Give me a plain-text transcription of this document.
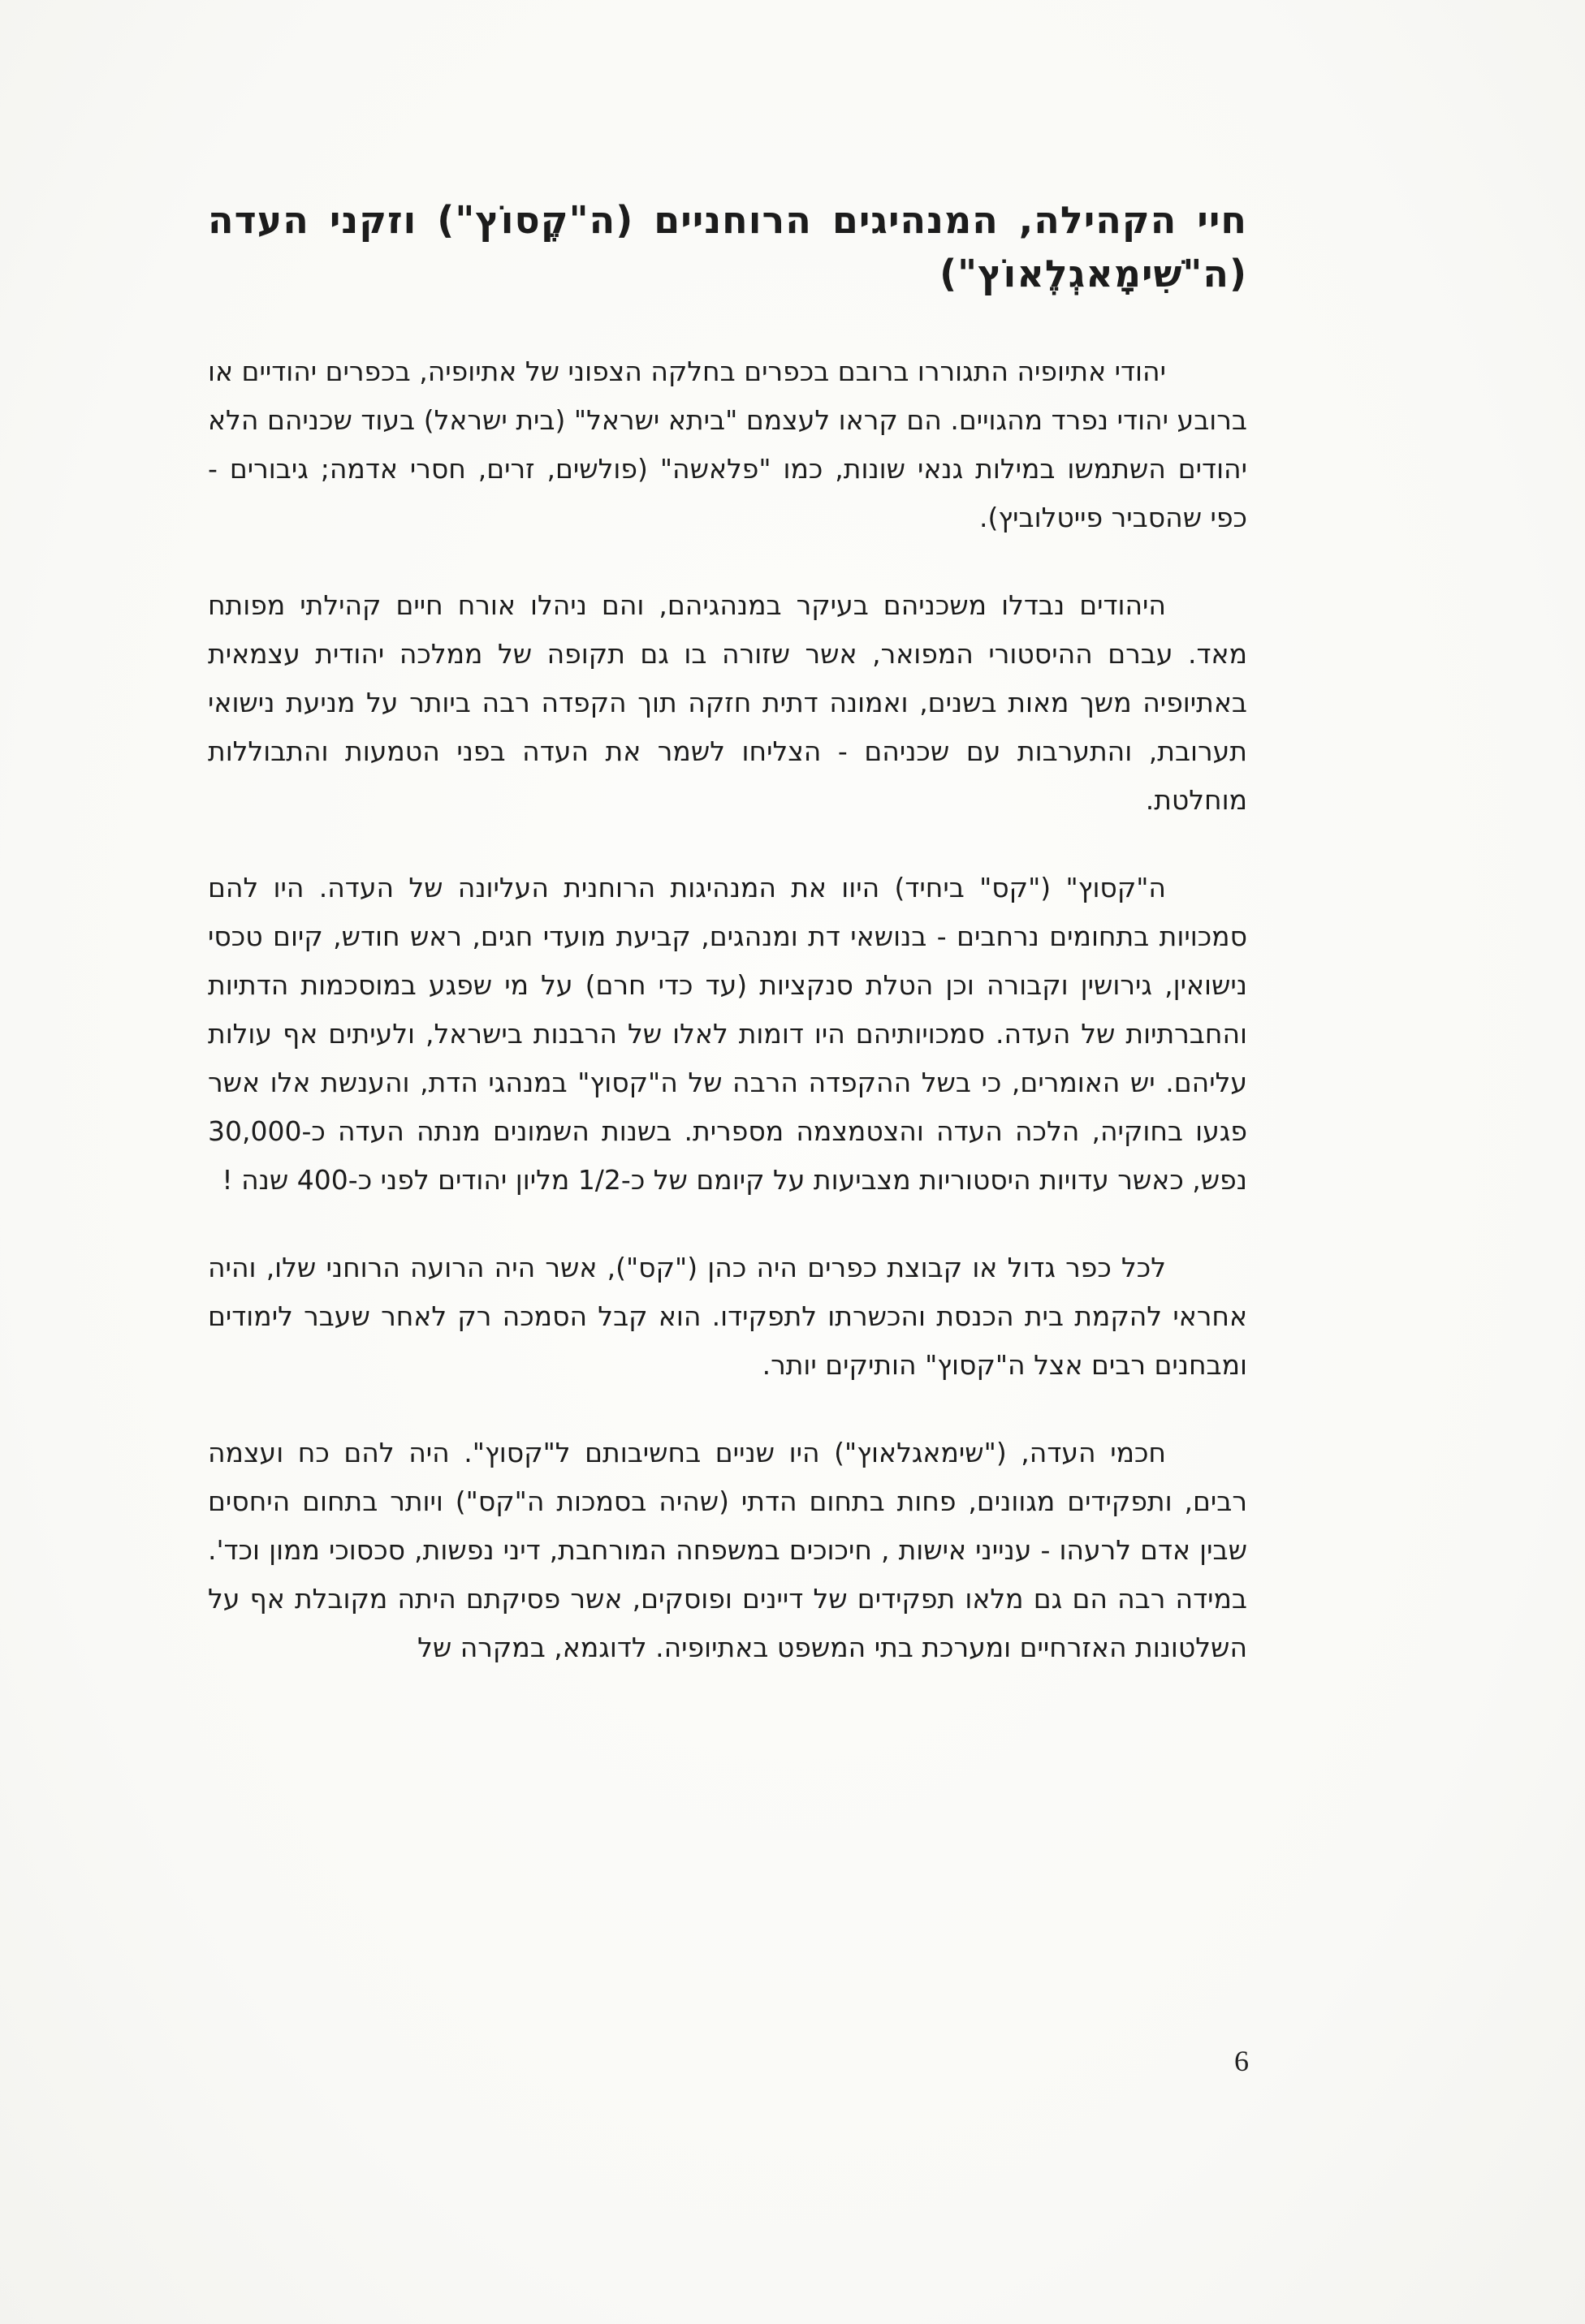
חיי הקהילה, המנהיגים הרוחניים (ה"קֶסוֹץ") וזקני העדה (ה"שִׁימָאגְלֶאוֹץ")

יהודי אתיופיה התגוררו ברובם בכפרים בחלקה הצפוני של אתיופיה, בכפרים יהודיים או ברובע יהודי נפרד מהגויים. הם קראו לעצמם "ביתא ישראל" (בית ישראל) בעוד שכניהם הלא יהודים השתמשו במילות גנאי שונות, כמו "פלאשה" (פולשים, זרים, חסרי אדמה; גיבורים - כפי שהסביר פייטלוביץ).

היהודים נבדלו משכניהם בעיקר במנהגיהם, והם ניהלו אורח חיים קהילתי מפותח מאד. עברם ההיסטורי המפואר, אשר שזורה בו גם תקופה של ממלכה יהודית עצמאית באתיופיה משך מאות בשנים, ואמונה דתית חזקה תוך הקפדה רבה ביותר על מניעת נישואי תערובת, והתערבות עם שכניהם - הצליחו לשמר את העדה בפני הטמעות והתבוללות מוחלטת.

ה"קסוץ" ("קס" ביחיד) היוו את המנהיגות הרוחנית העליונה של העדה. היו להם סמכויות בתחומים נרחבים - בנושאי דת ומנהגים, קביעת מועדי חגים, ראש חודש, קיום טכסי נישואין, גירושין וקבורה וכן הטלת סנקציות (עד כדי חרם) על מי שפגע במוסכמות הדתיות והחברתיות של העדה. סמכויותיהם היו דומות לאלו של הרבנות בישראל, ולעיתים אף עולות עליהם. יש האומרים, כי בשל ההקפדה הרבה של ה"קסוץ" במנהגי הדת, והענשת אלו אשר פגעו בחוקיה, הלכה העדה והצטמצמה מספרית. בשנות השמונים מנתה העדה כ-30,000 נפש, כאשר עדויות היסטוריות מצביעות על קיומם של כ-1/2 מליון יהודים לפני כ-400 שנה !

לכל כפר גדול או קבוצת כפרים היה כהן ("קס"), אשר היה הרועה הרוחני שלו, והיה אחראי להקמת בית הכנסת והכשרתו לתפקידו. הוא קבל הסמכה רק לאחר שעבר לימודים ומבחנים רבים אצל ה"קסוץ" הותיקים יותר.

חכמי העדה, ("שימאגלאוץ") היו שניים בחשיבותם ל"קסוץ". היה להם כח ועצמה רבים, ותפקידים מגוונים, פחות בתחום הדתי (שהיה בסמכות ה"קס") ויותר בתחום היחסים שבין אדם לרעהו - ענייני אישות , חיכוכים במשפחה המורחבת, דיני נפשות, סכסוכי ממון וכד'. במידה רבה הם גם מלאו תפקידים של דיינים ופוסקים, אשר פסיקתם היתה מקובלת אף על השלטונות האזרחיים ומערכת בתי המשפט באתיופיה. לדוגמא, במקרה של

6
